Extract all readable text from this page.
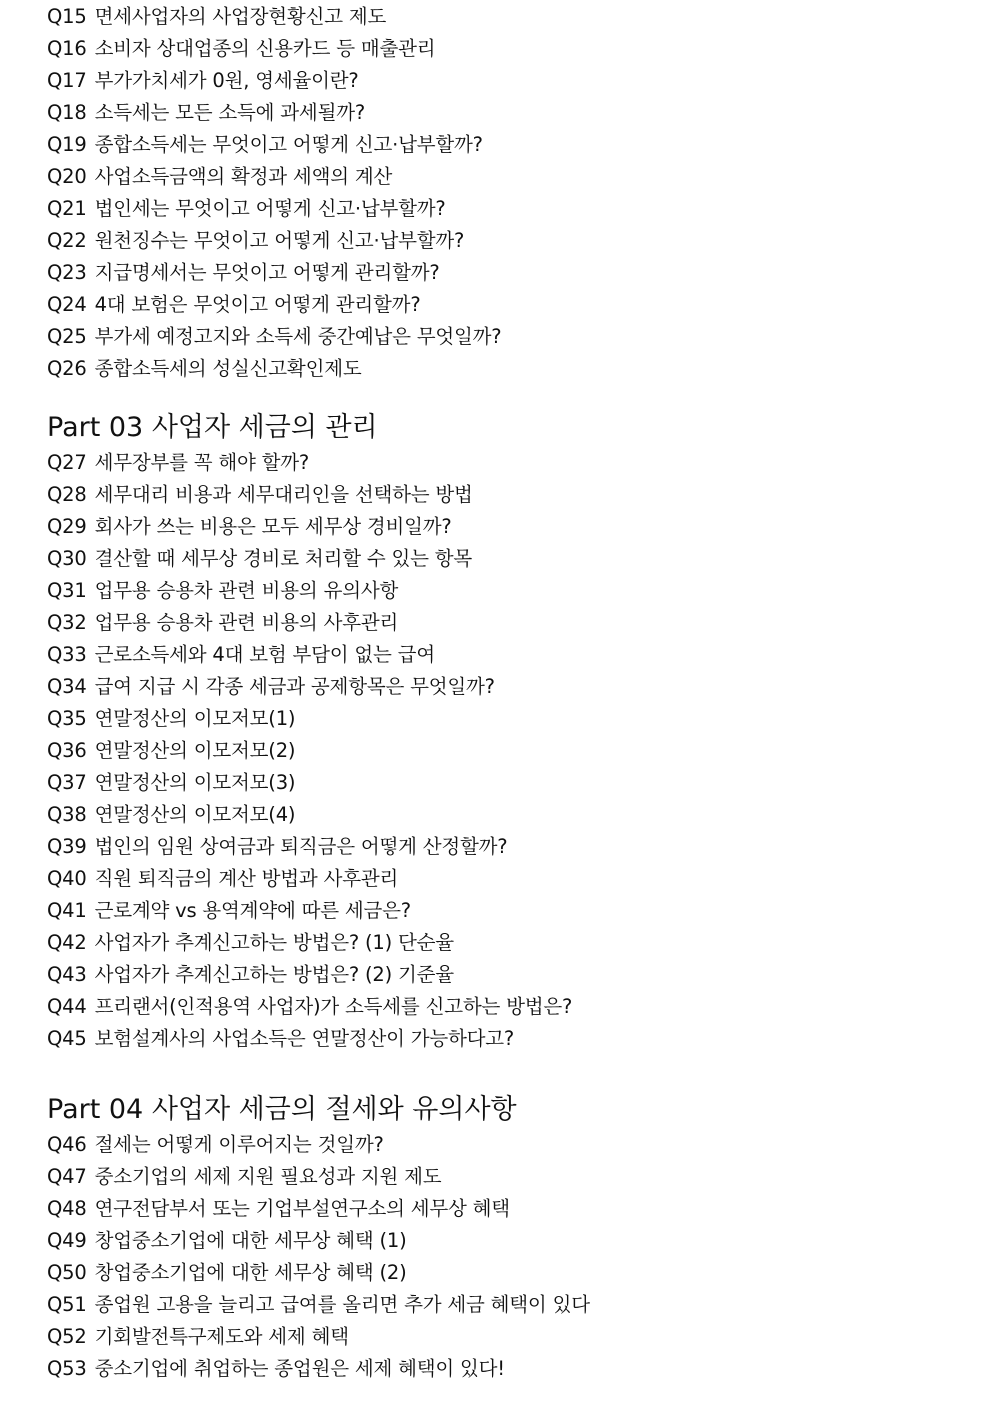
Q15 면세사업자의 사업장현황신고 제도
Q16 소비자 상대업종의 신용카드 등 매출관리
Q17 부가가치세가 0원, 영세율이란?
Q18 소득세는 모든 소득에 과세될까?
Q19 종합소득세는 무엇이고 어떻게 신고·납부할까?
Q20 사업소득금액의 확정과 세액의 계산
Q21 법인세는 무엇이고 어떻게 신고·납부할까?
Q22 원천징수는 무엇이고 어떻게 신고·납부할까?
Q23 지급명세서는 무엇이고 어떻게 관리할까?
Q24 4대 보험은 무엇이고 어떻게 관리할까?
Q25 부가세 예정고지와 소득세 중간예납은 무엇일까?
Q26 종합소득세의 성실신고확인제도
Part 03 사업자 세금의 관리
Q27 세무장부를 꼭 해야 할까?
Q28 세무대리 비용과 세무대리인을 선택하는 방법
Q29 회사가 쓰는 비용은 모두 세무상 경비일까?
Q30 결산할 때 세무상 경비로 처리할 수 있는 항목
Q31 업무용 승용차 관련 비용의 유의사항
Q32 업무용 승용차 관련 비용의 사후관리
Q33 근로소득세와 4대 보험 부담이 없는 급여
Q34 급여 지급 시 각종 세금과 공제항목은 무엇일까?
Q35 연말정산의 이모저모(1)
Q36 연말정산의 이모저모(2)
Q37 연말정산의 이모저모(3)
Q38 연말정산의 이모저모(4)
Q39 법인의 임원 상여금과 퇴직금은 어떻게 산정할까?
Q40 직원 퇴직금의 계산 방법과 사후관리
Q41 근로계약 vs 용역계약에 따른 세금은?
Q42 사업자가 추계신고하는 방법은? (1) 단순율
Q43 사업자가 추계신고하는 방법은? (2) 기준율
Q44 프리랜서(인적용역 사업자)가 소득세를 신고하는 방법은?
Q45 보험설계사의 사업소득은 연말정산이 가능하다고?
Part 04 사업자 세금의 절세와 유의사항
Q46 절세는 어떻게 이루어지는 것일까?
Q47 중소기업의 세제 지원 필요성과 지원 제도
Q48 연구전담부서 또는 기업부설연구소의 세무상 혜택
Q49 창업중소기업에 대한 세무상 혜택 (1)
Q50 창업중소기업에 대한 세무상 혜택 (2)
Q51 종업원 고용을 늘리고 급여를 올리면 추가 세금 혜택이 있다
Q52 기회발전특구제도와 세제 혜택
Q53 중소기업에 취업하는 종업원은 세제 혜택이 있다!
